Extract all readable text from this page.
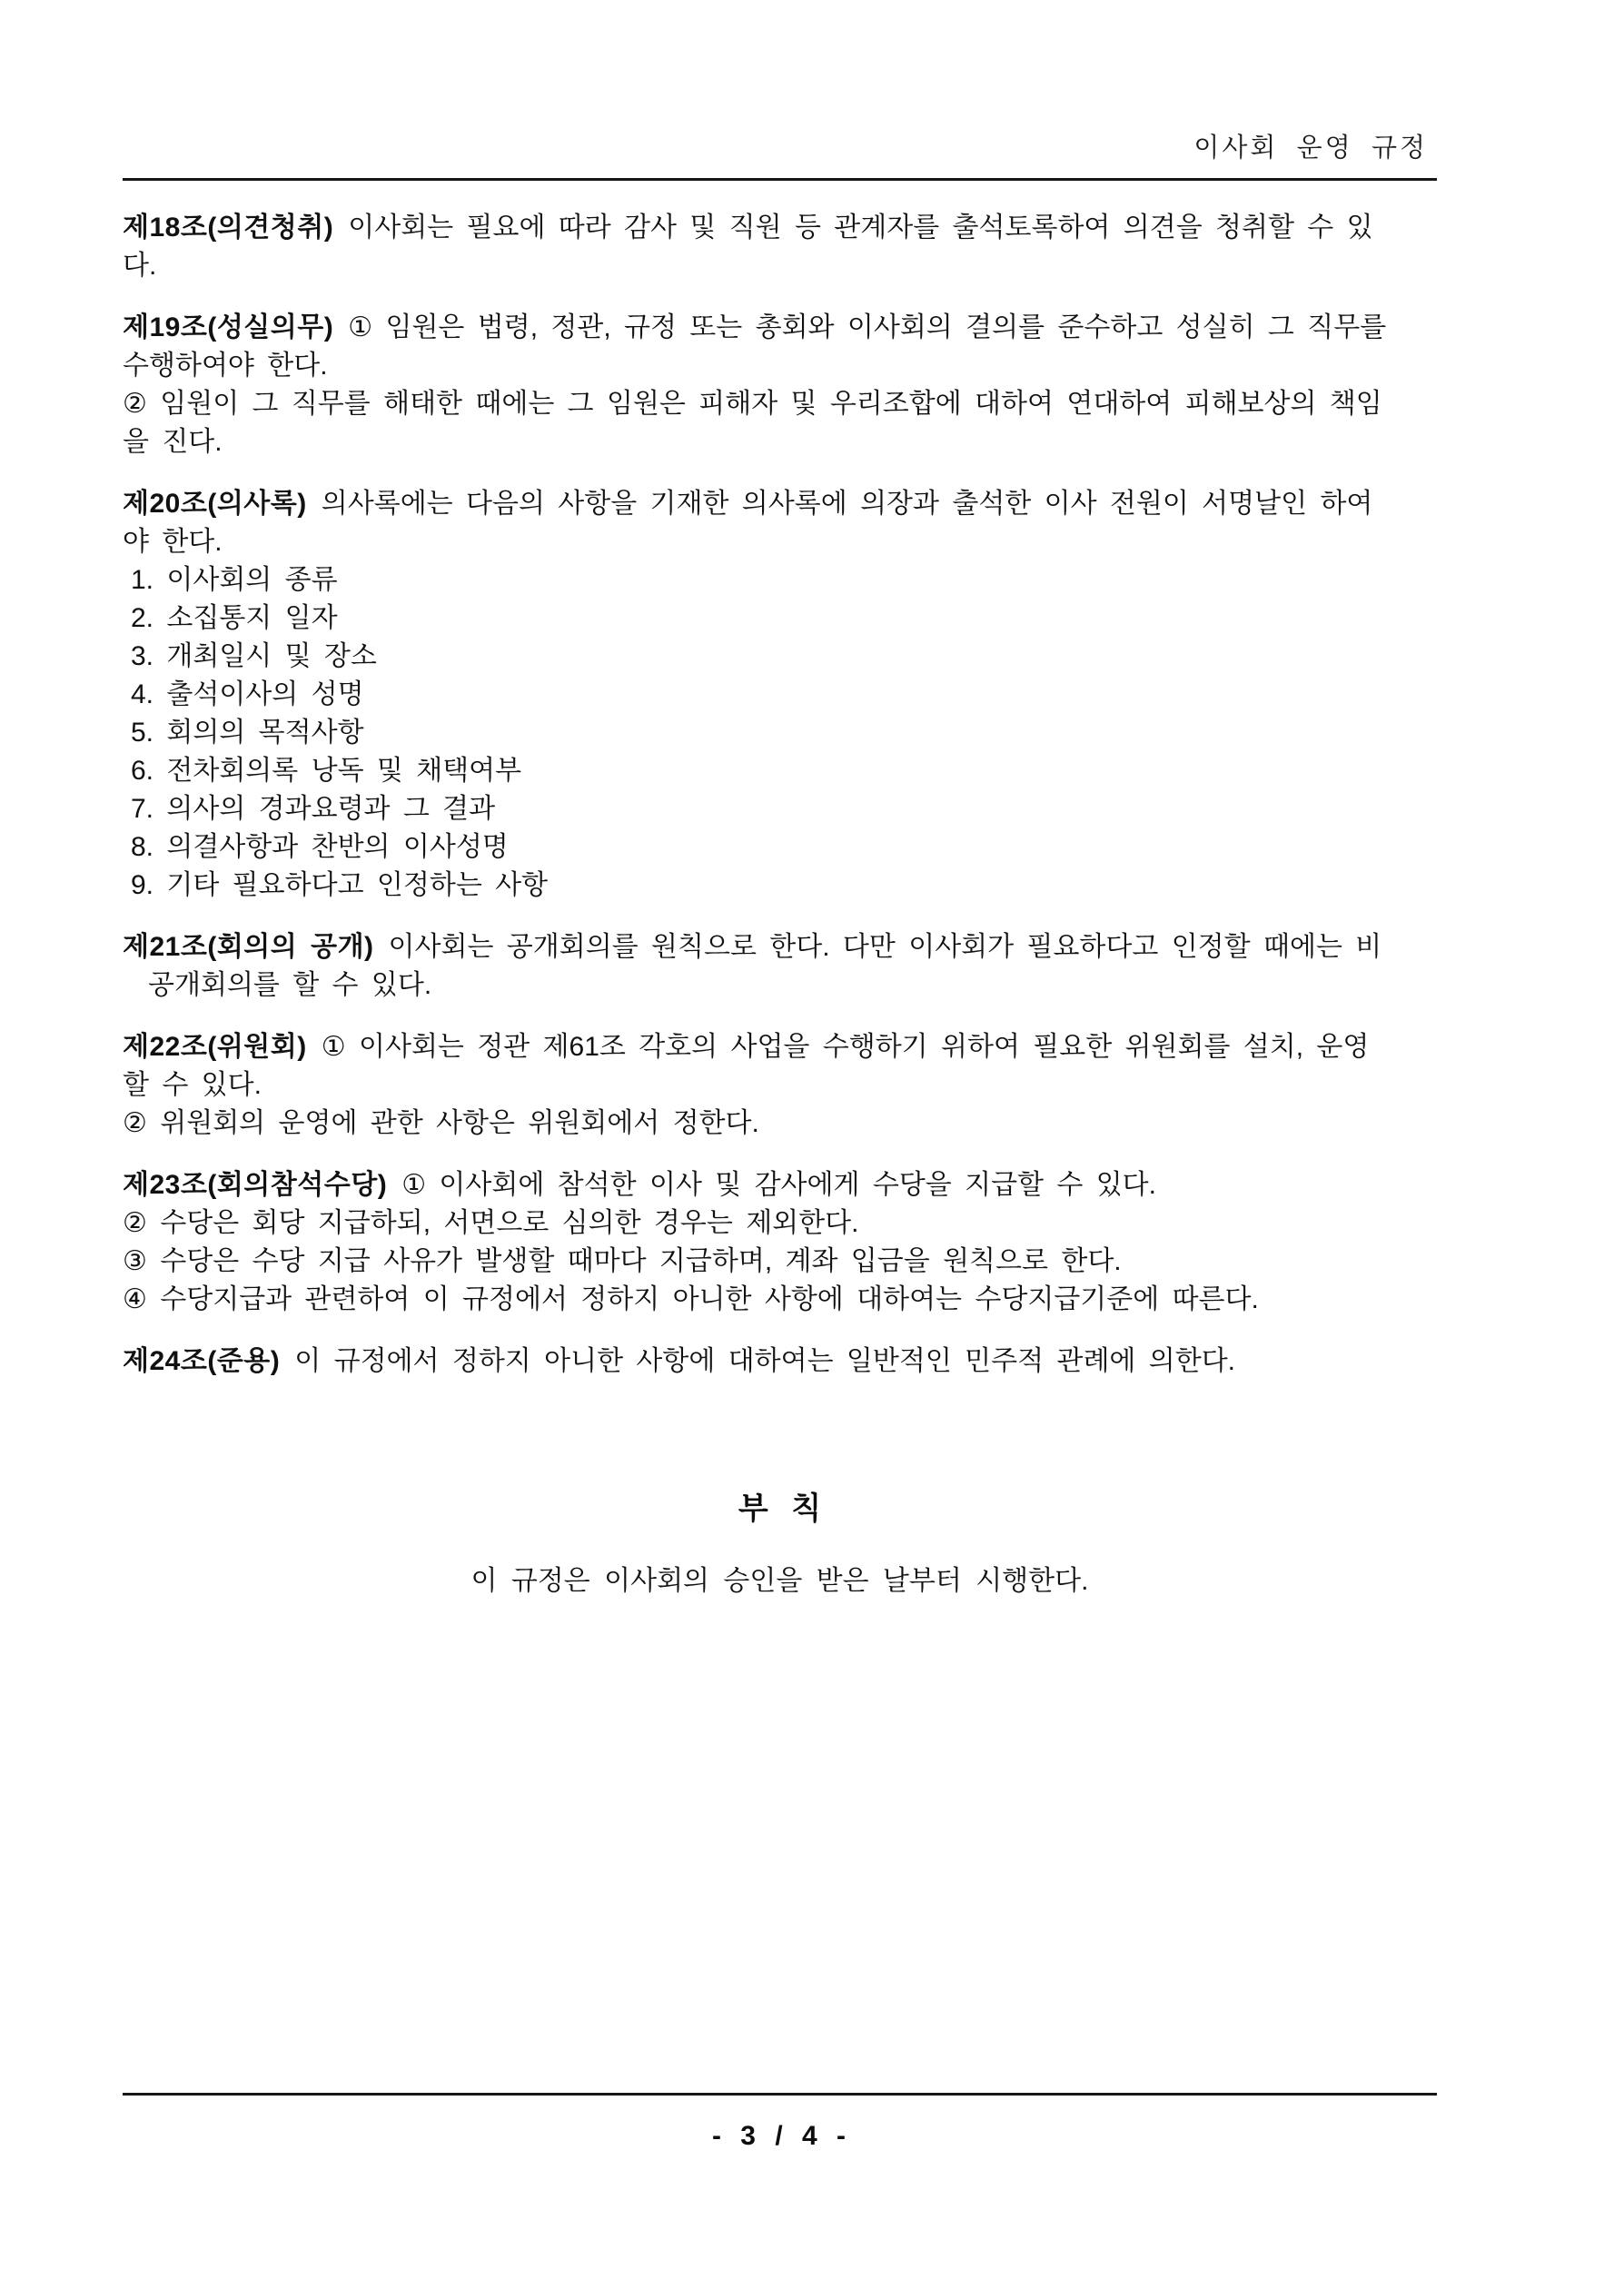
이사회 운영 규정
제18조(의견청취) 이사회는 필요에 따라 감사 및 직원 등 관계자를 출석토록하여 의견을 청취할 수 있
다.
제19조(성실의무) ① 임원은 법령, 정관, 규정 또는 총회와 이사회의 결의를 준수하고 성실히 그 직무를
수행하여야 한다.
② 임원이 그 직무를 해태한 때에는 그 임원은 피해자 및 우리조합에 대하여 연대하여 피해보상의 책임
을 진다.
제20조(의사록) 의사록에는 다음의 사항을 기재한 의사록에 의장과 출석한 이사 전원이 서명날인 하여
야 한다.
1. 이사회의 종류
2. 소집통지 일자
3. 개최일시 및 장소
4. 출석이사의 성명
5. 회의의 목적사항
6. 전차회의록 낭독 및 채택여부
7. 의사의 경과요령과 그 결과
8. 의결사항과 찬반의 이사성명
9. 기타 필요하다고 인정하는 사항
제21조(회의의 공개) 이사회는 공개회의를 원칙으로 한다. 다만 이사회가 필요하다고 인정할 때에는 비
공개회의를 할 수 있다.
제22조(위원회) ① 이사회는 정관 제61조 각호의 사업을 수행하기 위하여 필요한 위원회를 설치, 운영
할 수 있다.
② 위원회의 운영에 관한 사항은 위원회에서 정한다.
제23조(회의참석수당) ① 이사회에 참석한 이사 및 감사에게 수당을 지급할 수 있다.
② 수당은 회당 지급하되, 서면으로 심의한 경우는 제외한다.
③ 수당은 수당 지급 사유가 발생할 때마다 지급하며, 계좌 입금을 원칙으로 한다.
④ 수당지급과 관련하여 이 규정에서 정하지 아니한 사항에 대하여는 수당지급기준에 따른다.
제24조(준용) 이 규정에서 정하지 아니한 사항에 대하여는 일반적인 민주적 관례에 의한다.
부 칙
이 규정은 이사회의 승인을 받은 날부터 시행한다.
- 3 / 4 -
